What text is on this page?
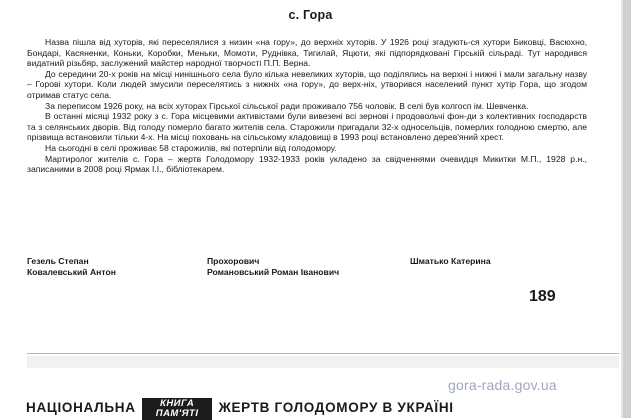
с. Гора

Назва пішла від хуторів, які переселялися з низин «на гору», до верхніх хуторів. У 1926 році згадують-ся хутори Биковці, Васюхно, Бондарі, Касяненки, Коньки, Коробки, Меньки, Момоти, Руднівка, Тигилай, Яцюти, які підпорядковані Гірській сільраді. Тут народився видатний різьбяр, заслужений майстер народної творчості П.П. Верна.

До середини 20-х років на місці нинішнього села було кілька невеликих хуторів, що поділялись на верхні і нижні і мали загальну назву – Горові хутори. Коли людей змусили переселятись з нижніх «на гору», до верх-ніх, утворився населений пункт хутір Гора, що згодом отримав статус села.

За переписом 1926 року, на всіх хуторах Гірської сільської ради проживало 756 чоловік. В селі був колгосп ім. Шевченка.

В останні місяці 1932 року з с. Гора місцевими активістами були вивезені всі зернові і продовольчі фон-ди з колективних господарств та з селянських дворів. Від голоду померло багато жителів села. Старожили пригадали 32-х односельців, померлих голодною смертю, але прізвища встановили тільки 4-х. На місці поховань на сільському кладовищі в 1993 році встановлено дерев'яний хрест.

На сьогодні в селі проживає 58 старожилів, які потерпіли від голодомору.

Мартиролог жителів с. Гора – жертв Голодомору 1932-1933 років укладено за свідченнями очевидця Микитки М.П., 1928 р.н., записаними в 2008 році Ярмак І.І., бібліотекарем.

Гезель Степан	Прохорович	Шматько Катерина
Ковалевський Антон	Романовський Роман Іванович
189
gora-rada.gov.ua
НАЦІОНАЛЬНА	КНИГА
ПАМ'ЯТІ	ЖЕРТВ ГОЛОДОМОРУ В УКРАЇНІ
